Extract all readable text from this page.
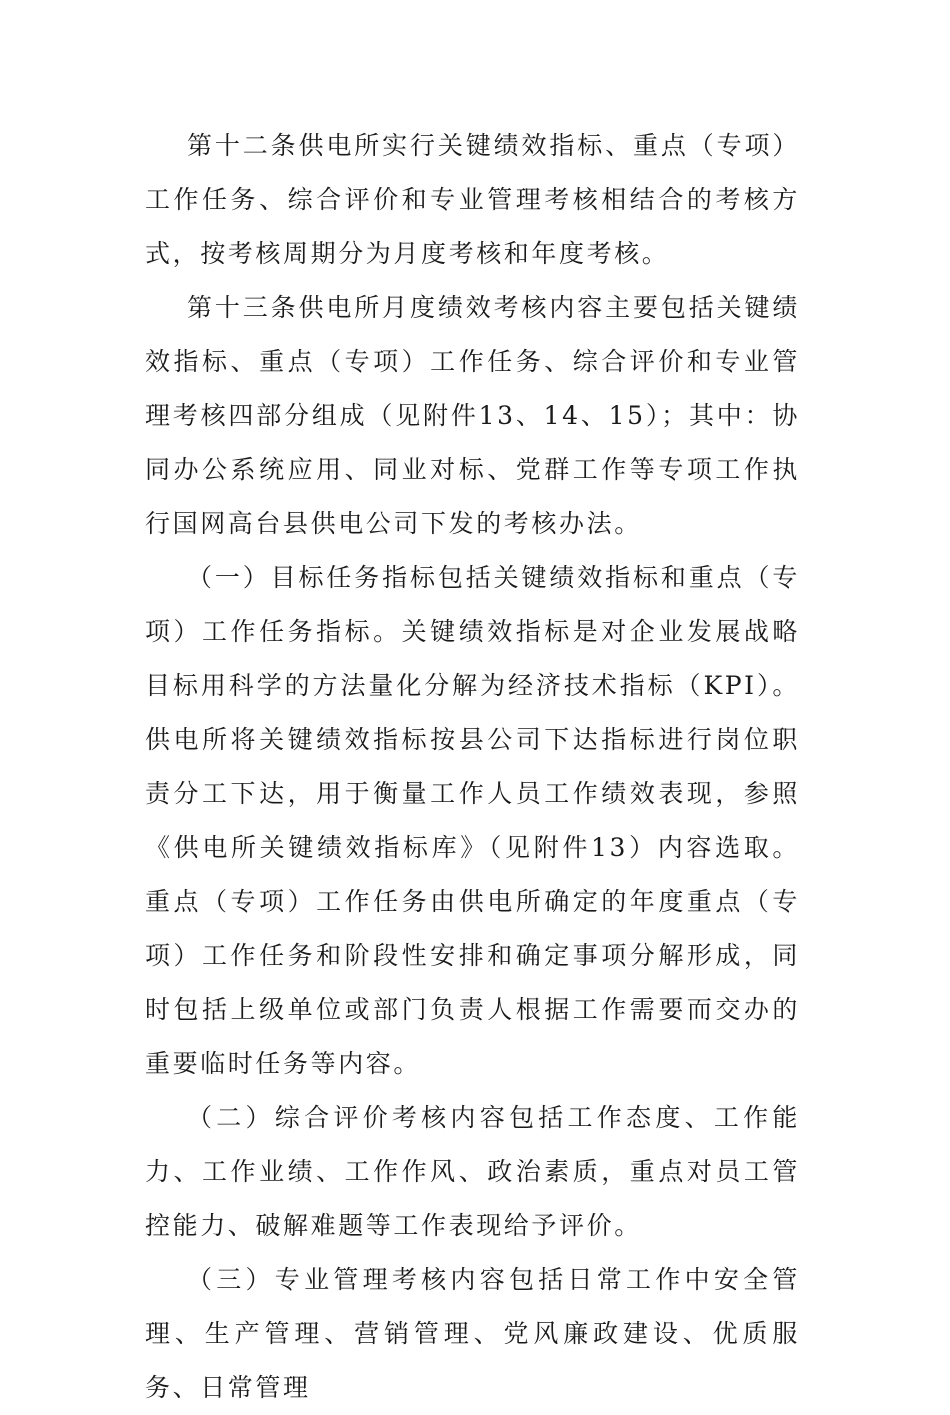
第十二条供电所实行关键绩效指标、重点（专项）工作任务、综合评价和专业管理考核相结合的考核方式，按考核周期分为月度考核和年度考核。

第十三条供电所月度绩效考核内容主要包括关键绩效指标、重点（专项）工作任务、综合评价和专业管理考核四部分组成（见附件13、14、15）；其中：协同办公系统应用、同业对标、党群工作等专项工作执行国网高台县供电公司下发的考核办法。

（一）目标任务指标包括关键绩效指标和重点（专项）工作任务指标。关键绩效指标是对企业发展战略目标用科学的方法量化分解为经济技术指标（KPI）。供电所将关键绩效指标按县公司下达指标进行岗位职责分工下达，用于衡量工作人员工作绩效表现，参照《供电所关键绩效指标库》（见附件13）内容选取。重点（专项）工作任务由供电所确定的年度重点（专项）工作任务和阶段性安排和确定事项分解形成，同时包括上级单位或部门负责人根据工作需要而交办的重要临时任务等内容。

（二）综合评价考核内容包括工作态度、工作能力、工作业绩、工作作风、政治素质，重点对员工管控能力、破解难题等工作表现给予评价。

（三）专业管理考核内容包括日常工作中安全管理、生产管理、营销管理、党风廉政建设、优质服务、日常管理
